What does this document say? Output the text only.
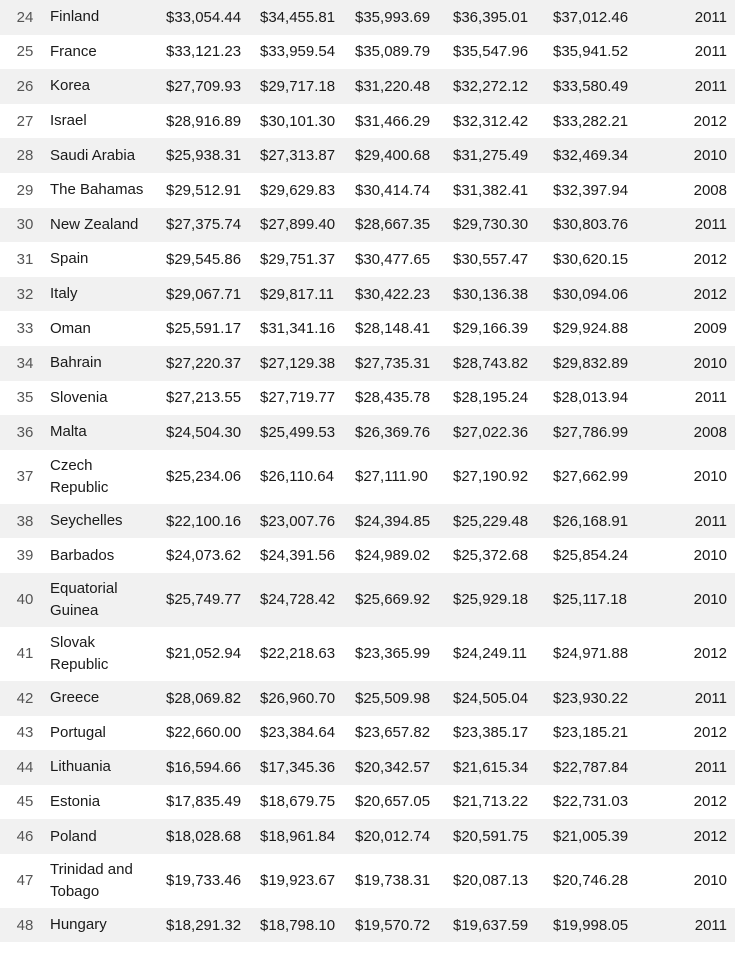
24	Finland	$33,054.44	$34,455.81	$35,993.69	$36,395.01	$37,012.46	2011
25	France	$33,121.23	$33,959.54	$35,089.79	$35,547.96	$35,941.52	2011
26	Korea	$27,709.93	$29,717.18	$31,220.48	$32,272.12	$33,580.49	2011
27	Israel	$28,916.89	$30,101.30	$31,466.29	$32,312.42	$33,282.21	2012
28	Saudi Arabia	$25,938.31	$27,313.87	$29,400.68	$31,275.49	$32,469.34	2010
29	The Bahamas	$29,512.91	$29,629.83	$30,414.74	$31,382.41	$32,397.94	2008
30	New Zealand	$27,375.74	$27,899.40	$28,667.35	$29,730.30	$30,803.76	2011
31	Spain	$29,545.86	$29,751.37	$30,477.65	$30,557.47	$30,620.15	2012
32	Italy	$29,067.71	$29,817.11	$30,422.23	$30,136.38	$30,094.06	2012
33	Oman	$25,591.17	$31,341.16	$28,148.41	$29,166.39	$29,924.88	2009
34	Bahrain	$27,220.37	$27,129.38	$27,735.31	$28,743.82	$29,832.89	2010
35	Slovenia	$27,213.55	$27,719.77	$28,435.78	$28,195.24	$28,013.94	2011
36	Malta	$24,504.30	$25,499.53	$26,369.76	$27,022.36	$27,786.99	2008
37	Czech Republic	$25,234.06	$26,110.64	$27,111.90	$27,190.92	$27,662.99	2010
38	Seychelles	$22,100.16	$23,007.76	$24,394.85	$25,229.48	$26,168.91	2011
39	Barbados	$24,073.62	$24,391.56	$24,989.02	$25,372.68	$25,854.24	2010
40	Equatorial Guinea	$25,749.77	$24,728.42	$25,669.92	$25,929.18	$25,117.18	2010
41	Slovak Republic	$21,052.94	$22,218.63	$23,365.99	$24,249.11	$24,971.88	2012
42	Greece	$28,069.82	$26,960.70	$25,509.98	$24,505.04	$23,930.22	2011
43	Portugal	$22,660.00	$23,384.64	$23,657.82	$23,385.17	$23,185.21	2012
44	Lithuania	$16,594.66	$17,345.36	$20,342.57	$21,615.34	$22,787.84	2011
45	Estonia	$17,835.49	$18,679.75	$20,657.05	$21,713.22	$22,731.03	2012
46	Poland	$18,028.68	$18,961.84	$20,012.74	$20,591.75	$21,005.39	2012
47	Trinidad and Tobago	$19,733.46	$19,923.67	$19,738.31	$20,087.13	$20,746.28	2010
48	Hungary	$18,291.32	$18,798.10	$19,570.72	$19,637.59	$19,998.05	2011
